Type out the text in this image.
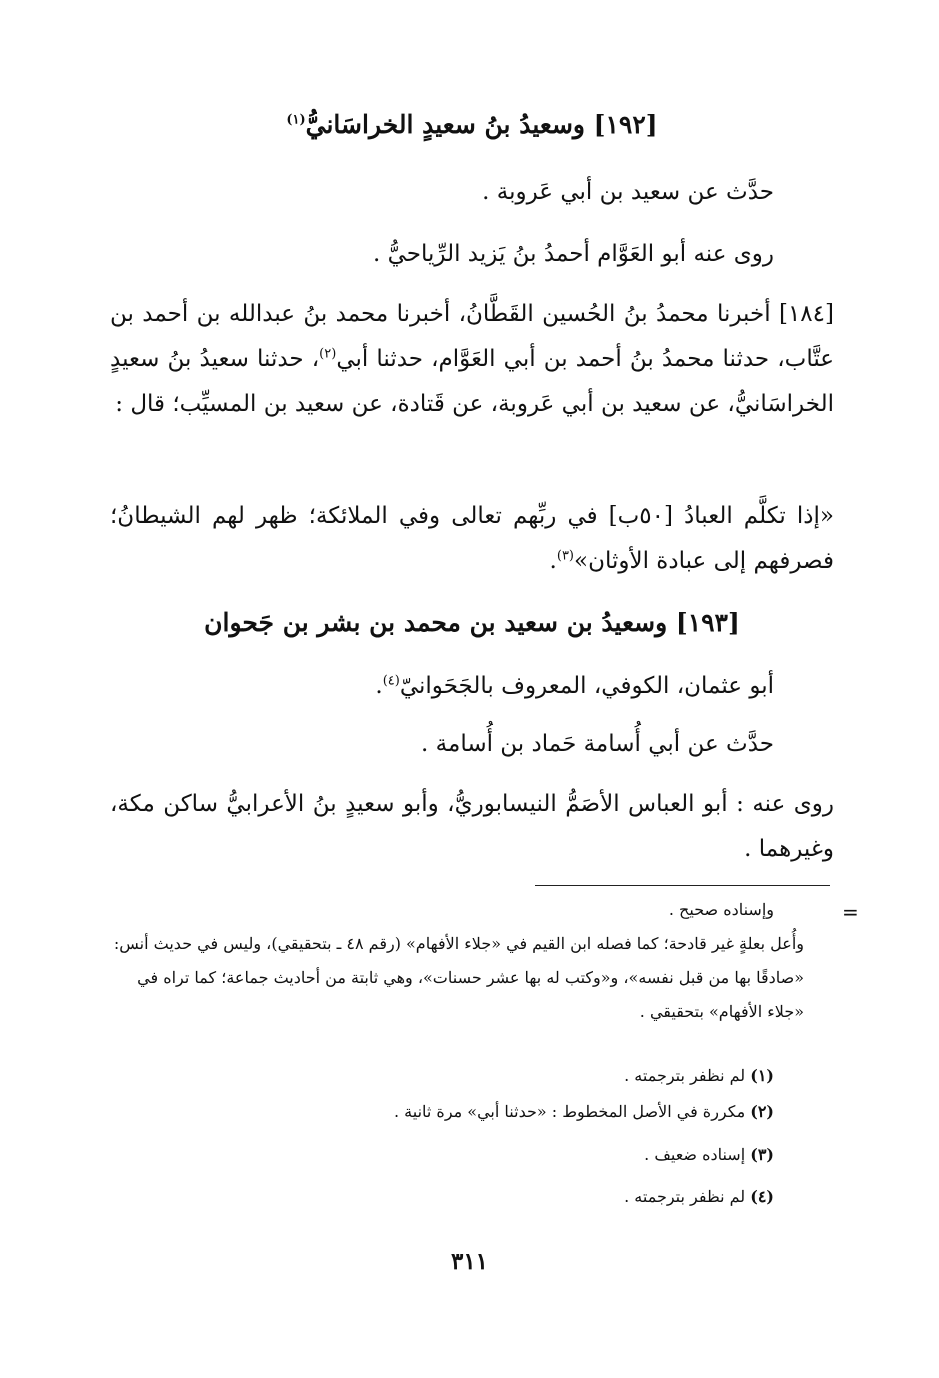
[١٩٢] وسعيدُ بنُ سعيدٍ الخراسَانيُّ$^{(١)}$
حدَّث عن سعيد بن أبي عَروبة .
روى عنه أبو العَوَّام أحمدُ بنُ يَزيد الرِّياحيُّ .
[١٨٤] أخبرنا محمدُ بنُ الحُسين القَطَّانُ، أخبرنا محمد بنُ عبدالله بن أحمد بن عتَّاب، حدثنا محمدُ بنُ أحمد بن أبي العَوَّام، حدثنا أبي$^{(٢)}$، حدثنا سعيدُ بنُ سعيدٍ الخراسَانيُّ، عن سعيد بن أبي عَروبة، عن قَتادة، عن سعيد بن المسيِّب؛ قال :
«إذا تكلَّم العبادُ [٥٠ب] في ربِّهم تعالى وفي الملائكة؛ ظهر لهم الشيطانُ؛ فصرفهم إلى عبادة الأوثان»$^{(٣)}$.
[١٩٣] وسعيدُ بن سعيد بن محمد بن بشر بن جَحوان
أبو عثمان، الكوفي، المعروف بالجَحَوانيّ$^{(٤)}$.
حدَّث عن أبي أُسامة حَماد بن أُسامة .
روى عنه : أبو العباس الأصَمُّ النيسابوريُّ، وأبو سعيدٍ بنُ الأعرابيُّ ساكن مكة، وغيرهما .
=
وإسناده صحيح .
وأُعل بعلةٍ غير قادحة؛ كما فصله ابن القيم في «جلاء الأفهام» (رقم ٤٨ ـ بتحقيقي)، وليس في حديث أنس: «صادقًا بها من قبل نفسه»، و«وكتب له بها عشر حسنات»، وهي ثابتة من أحاديث جماعة؛ كما تراه في «جلاء الأفهام» بتحقيقي .
(١) لم نظفر بترجمته .
(٢) مكررة في الأصل المخطوط : «حدثنا أبي» مرة ثانية .
(٣) إسناده ضعيف .
(٤) لم نظفر بترجمته .
٣١١
